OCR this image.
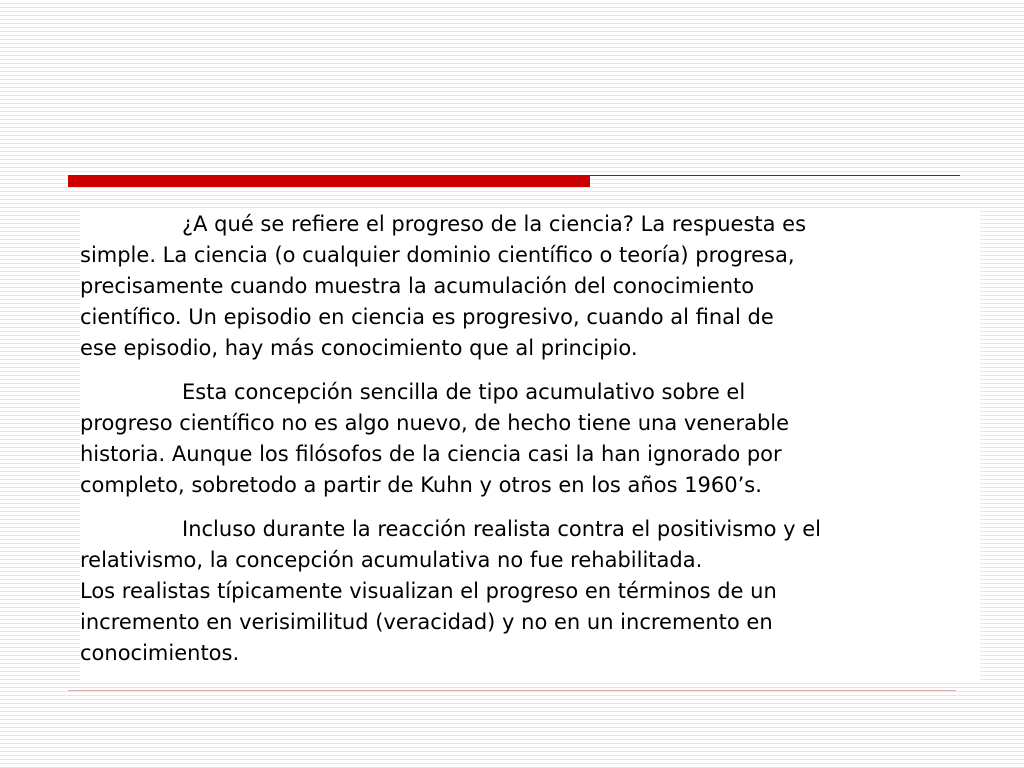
¿A qué se refiere el progreso de la ciencia? La respuesta es
simple. La ciencia (o cualquier dominio científico o teoría) progresa,
precisamente cuando muestra la acumulación del conocimiento
científico. Un episodio en ciencia es progresivo, cuando al final de
ese episodio, hay más conocimiento que al principio.

Esta concepción sencilla de tipo acumulativo sobre el
progreso científico no es algo nuevo, de hecho tiene una venerable
historia. Aunque los filósofos de la ciencia casi la han ignorado por
completo, sobretodo a partir de Kuhn y otros en los años 1960’s.

Incluso durante la reacción realista contra el positivismo y el
relativismo, la concepción acumulativa no fue rehabilitada.
Los realistas típicamente visualizan el progreso en términos de un
incremento en verisimilitud (veracidad) y no en un incremento en
conocimientos.
